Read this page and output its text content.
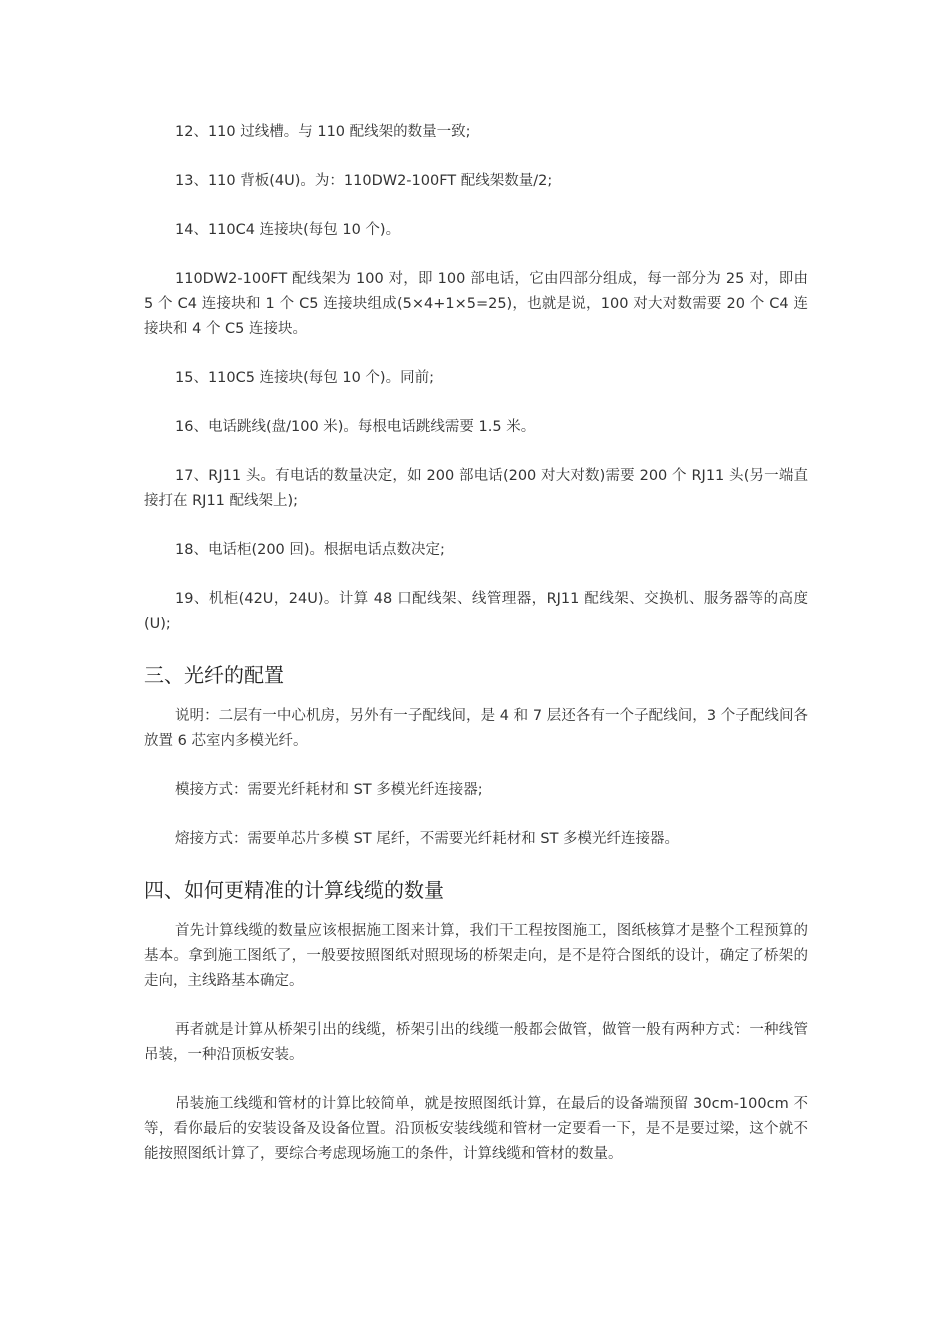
12、110 过线槽。与 110 配线架的数量一致;

13、110 背板(4U)。为：110DW2-100FT 配线架数量/2;

14、110C4 连接块(每包 10 个)。

110DW2-100FT 配线架为 100 对，即 100 部电话，它由四部分组成，每一部分为 25 对，即由 5 个 C4 连接块和 1 个 C5 连接块组成(5×4+1×5=25)，也就是说，100 对大对数需要 20 个 C4 连接块和 4 个 C5 连接块。

15、110C5 连接块(每包 10 个)。同前;

16、电话跳线(盘/100 米)。每根电话跳线需要 1.5 米。

17、RJ11 头。有电话的数量决定，如 200 部电话(200 对大对数)需要 200 个 RJ11 头(另一端直接打在 RJ11 配线架上);

18、电话柜(200 回)。根据电话点数决定;

19、机柜(42U，24U)。计算 48 口配线架、线管理器，RJ11 配线架、交换机、服务器等的高度(U);

三、光纤的配置

说明：二层有一中心机房，另外有一子配线间，是 4 和 7 层还各有一个子配线间，3 个子配线间各放置 6 芯室内多模光纤。

模接方式：需要光纤耗材和 ST 多模光纤连接器;

熔接方式：需要单芯片多模 ST 尾纤，不需要光纤耗材和 ST 多模光纤连接器。

四、如何更精准的计算线缆的数量

首先计算线缆的数量应该根据施工图来计算，我们干工程按图施工，图纸核算才是整个工程预算的基本。拿到施工图纸了，一般要按照图纸对照现场的桥架走向，是不是符合图纸的设计，确定了桥架的走向，主线路基本确定。

再者就是计算从桥架引出的线缆，桥架引出的线缆一般都会做管，做管一般有两种方式：一种线管吊装，一种沿顶板安装。

吊装施工线缆和管材的计算比较简单，就是按照图纸计算，在最后的设备端预留 30cm-100cm 不等，看你最后的安装设备及设备位置。沿顶板安装线缆和管材一定要看一下，是不是要过梁，这个就不能按照图纸计算了，要综合考虑现场施工的条件，计算线缆和管材的数量。
